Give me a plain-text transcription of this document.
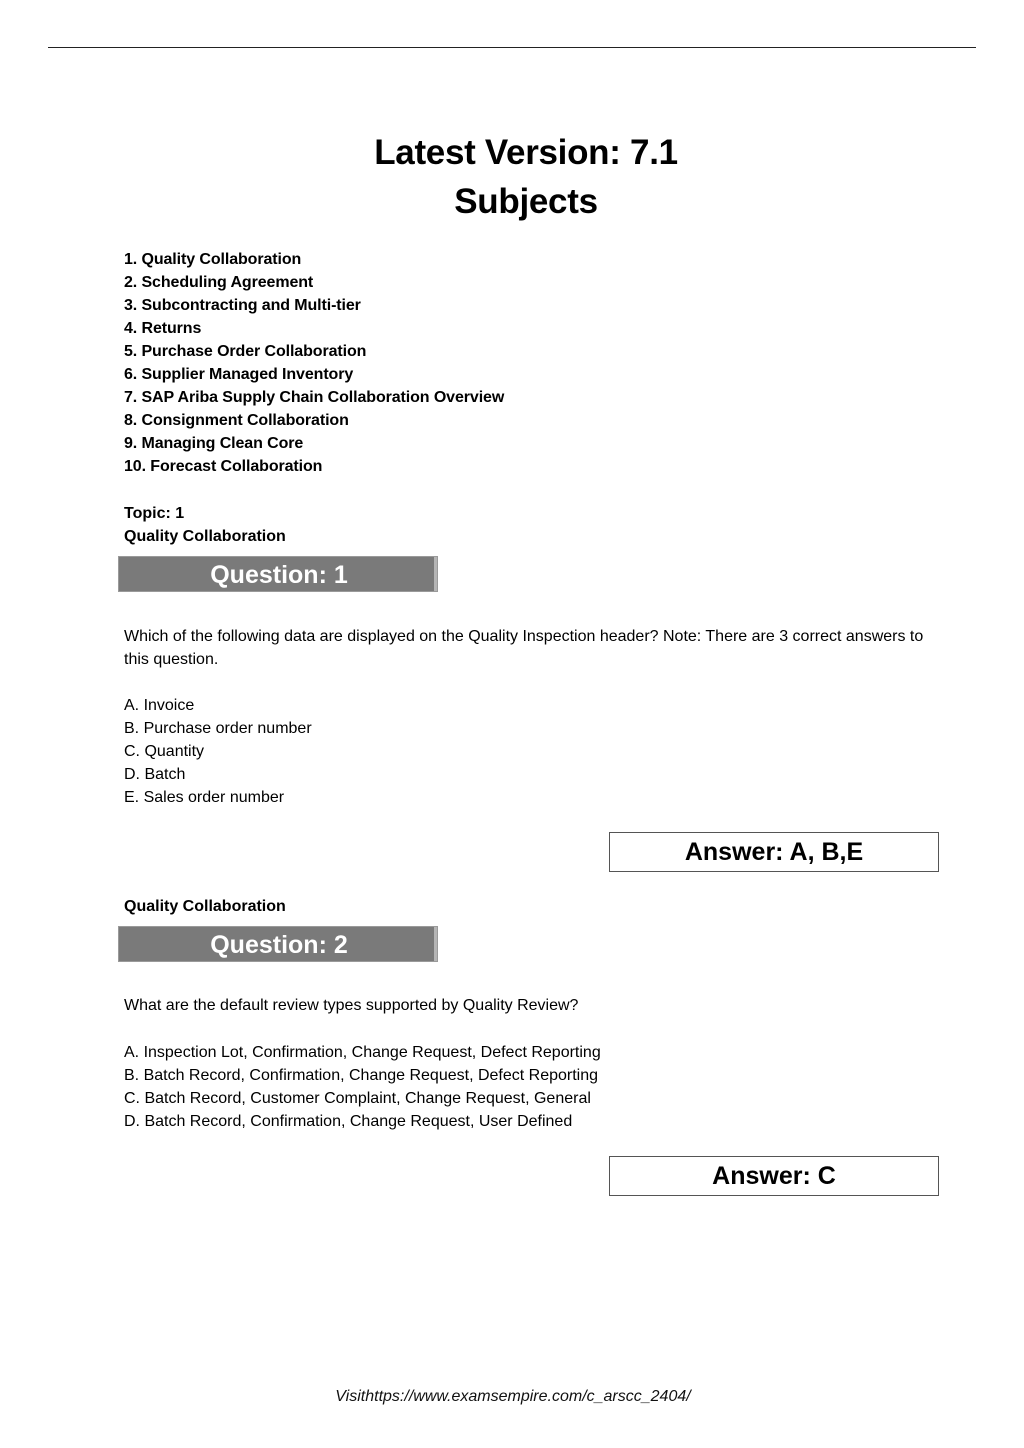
Latest Version: 7.1
Subjects
1. Quality Collaboration
2. Scheduling Agreement
3. Subcontracting and Multi-tier
4. Returns
5. Purchase Order Collaboration
6. Supplier Managed Inventory
7. SAP Ariba Supply Chain Collaboration Overview
8. Consignment Collaboration
9. Managing Clean Core
10. Forecast Collaboration
Topic: 1
Quality Collaboration
Question: 1
Which of the following data are displayed on the Quality Inspection header? Note: There are 3 correct answers to this question.
A. Invoice
B. Purchase order number
C. Quantity
D. Batch
E. Sales order number
Answer: A, B,E
Quality Collaboration
Question: 2
What are the default review types supported by Quality Review?
A. Inspection Lot, Confirmation, Change Request, Defect Reporting
B. Batch Record, Confirmation, Change Request, Defect Reporting
C. Batch Record, Customer Complaint, Change Request, General
D. Batch Record, Confirmation, Change Request, User Defined
Answer: C
Visithttps://www.examsempire.com/c_arscc_2404/
